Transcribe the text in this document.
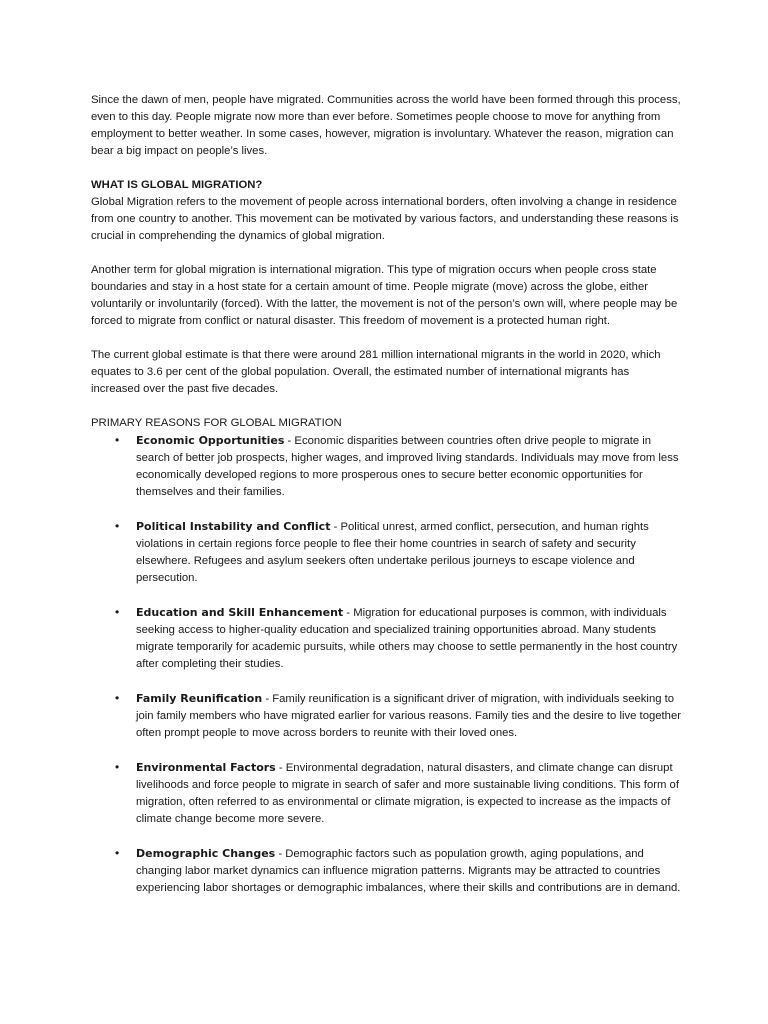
Since the dawn of men, people have migrated. Communities across the world have been formed through this process, even to this day. People migrate now more than ever before. Sometimes people choose to move for anything from employment to better weather. In some cases, however, migration is involuntary. Whatever the reason, migration can bear a big impact on people’s lives.

WHAT IS GLOBAL MIGRATION?

Global Migration refers to the movement of people across international borders, often involving a change in residence from one country to another. This movement can be motivated by various factors, and understanding these reasons is crucial in comprehending the dynamics of global migration.

Another term for global migration is international migration. This type of migration occurs when people cross state boundaries and stay in a host state for a certain amount of time. People migrate (move) across the globe, either voluntarily or involuntarily (forced). With the latter, the movement is not of the person’s own will, where people may be forced to migrate from conflict or natural disaster. This freedom of movement is a protected human right.

The current global estimate is that there were around 281 million international migrants in the world in 2020, which equates to 3.6 per cent of the global population. Overall, the estimated number of international migrants has increased over the past five decades.

PRIMARY REASONS FOR GLOBAL MIGRATION

• Economic Opportunities - Economic disparities between countries often drive people to migrate in search of better job prospects, higher wages, and improved living standards. Individuals may move from less economically developed regions to more prosperous ones to secure better economic opportunities for themselves and their families.
• Political Instability and Conflict - Political unrest, armed conflict, persecution, and human rights violations in certain regions force people to flee their home countries in search of safety and security elsewhere. Refugees and asylum seekers often undertake perilous journeys to escape violence and persecution.
• Education and Skill Enhancement - Migration for educational purposes is common, with individuals seeking access to higher-quality education and specialized training opportunities abroad. Many students migrate temporarily for academic pursuits, while others may choose to settle permanently in the host country after completing their studies.
• Family Reunification - Family reunification is a significant driver of migration, with individuals seeking to join family members who have migrated earlier for various reasons. Family ties and the desire to live together often prompt people to move across borders to reunite with their loved ones.
• Environmental Factors - Environmental degradation, natural disasters, and climate change can disrupt livelihoods and force people to migrate in search of safer and more sustainable living conditions. This form of migration, often referred to as environmental or climate migration, is expected to increase as the impacts of climate change become more severe.
• Demographic Changes - Demographic factors such as population growth, aging populations, and changing labor market dynamics can influence migration patterns. Migrants may be attracted to countries experiencing labor shortages or demographic imbalances, where their skills and contributions are in demand.
